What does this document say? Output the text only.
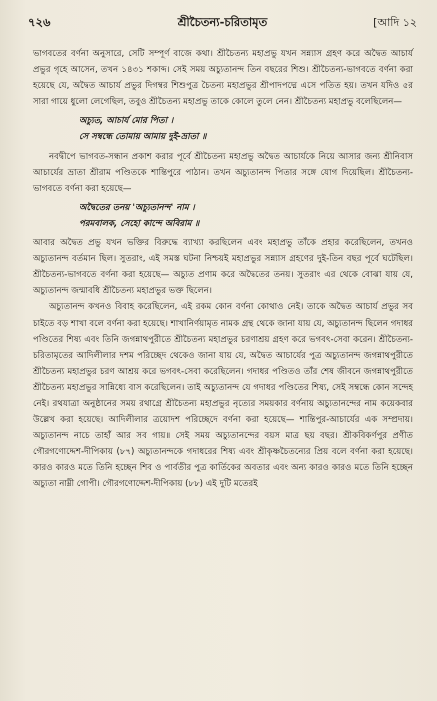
৭২৬	শ্রীচৈতন্য-চরিতামৃত	[আদি ১২

ভাগবতের বর্ণনা অনুসারে, সেটি সম্পূর্ণ বাজে কথা। শ্রীচৈতন্য মহাপ্রভু যখন সন্ন্যাস গ্রহণ করে অদ্বৈত আচার্য প্রভুর গৃহে আসেন, তখন ১৪৩১ শকাব্দ। সেই সময় অচ্যুতানন্দ তিন বছরের শিশু। শ্রীচৈতন্য-ভাগবতে বর্ণনা করা হয়েছে যে, অদ্বৈত আচার্য প্রভুর দিগম্বর শিশুপুত্র চৈতন্য মহাপ্রভুর শ্রীপাদপদ্মে এসে পতিত হয়। তখন যদিও ৫র সারা গায়ে ধুলো লেগেছিল, তবুও শ্রীচৈতন্য মহাপ্রভু তাকে কোলে তুলে নেন। শ্রীচৈতন্য মহাপ্রভু বলেছিলেন—

অচ্যুত, আচার্য মোর পিতা ।
সে সম্বন্ধে তোমায় আমায় দুই-ভ্রাতা ॥

নবদ্বীপে ভাগবত-সন্ধান প্রকাশ করার পূর্বে শ্রীচৈতন্য মহাপ্রভু অদ্বৈত আচার্যকে নিয়ে আসার জন্য শ্রীনিবাস আচার্যের ভ্রাতা শ্রীরাম পণ্ডিতকে শান্তিপুরে পাঠান। তখন অচ্যুতানন্দ পিতার সঙ্গে যোগ দিয়েছিল। শ্রীচৈতন্য-ভাগবতে বর্ণনা করা হয়েছে—

অদ্বৈতের তনয় 'অচ্যুতানন্দ' নাম ।
পরমবালক, সেহো কান্দে অবিরাম ॥

আবার অদ্বৈত প্রভু যখন ভক্তির বিরুদ্ধে ব্যাখ্যা করছিলেন এবং মহাপ্রভু তাঁকে প্রহার করেছিলেন, তখনও অচ্যুতানন্দ বর্তমান ছিল। সুতরাং, এই সমস্ত ঘটনা নিশ্চয়ই মহাপ্রভুর সন্ন্যাস গ্রহণের দুই-তিন বছর পূর্বে ঘটেছিল। শ্রীচৈতন্য-ভাগবতে বর্ণনা করা হয়েছে— অচ্যুত প্রণাম করে অদ্বৈতের তনয়। সুতরাং এর থেকে বোঝা যায় যে, অচ্যুতানন্দ জন্মাবধি শ্রীচৈতন্য মহাপ্রভুর ভক্ত ছিলেন।

অচ্যুতানন্দ কখনও বিবাহ করেছিলেন, এই রকম কোন বর্ণনা কোথাও নেই। তাকে অদ্বৈত আচার্য প্রভুর সব চাইতে বড় শাখা বলে বর্ণনা করা হয়েছে। শাখানির্ণয়ামৃত নামক গ্রন্থ থেকে জানা যায় যে, অচ্যুতানন্দ ছিলেন গদাধর পণ্ডিতের শিষ্য এবং তিনি জগন্নাথপুরীতে শ্রীচৈতন্য মহাপ্রভুর চরণাশ্রয় গ্রহণ করে ভগবৎ-সেবা করেন। শ্রীচৈতন্য-চরিতামৃতের আদিলীলার দশম পরিচ্ছেদ থেকেও জানা যায় যে, অদ্বৈত আচার্যের পুত্র অচ্যুতানন্দ জগন্নাথপুরীতে শ্রীচৈতন্য মহাপ্রভুর চরণ আশ্রয় করে ভগবৎ-সেবা করেছিলেন। গদাধর পণ্ডিতও তাঁর শেষ জীবনে জগন্নাথপুরীতে শ্রীচৈতন্য মহাপ্রভুর সান্নিধ্যে বাস করেছিলেন। তাই অচ্যুতানন্দ যে গদাধর পণ্ডিতের শিষ্য, সেই সম্বন্ধে কোন সন্দেহ নেই। রথযাত্রা অনুষ্ঠানের সময় রথাগ্রে শ্রীচৈতন্য মহাপ্রভুর নৃত্যের সময়কার বর্ণনায় অচ্যুতানন্দের নাম কয়েকবার উল্লেখ করা হয়েছে। আদিলীলার ত্রয়োদশ পরিচ্ছেদে বর্ণনা করা হয়েছে— শান্তিপুর-আচার্যের এক সম্প্রদায়। অচ্যুতানন্দ নাচে তাহাঁ আর সব গায়॥ সেই সময় অচ্যুতানন্দের বয়স মাত্র ছয় বছর। শ্রীকবিকর্ণপুর প্রণীত গৌরগণোদ্দেশ-দীপিকায় (৮৭) অচ্যুতানন্দকে গদাধরের শিষ্য এবং শ্রীকৃষ্ণচৈতন্যের প্রিয় বলে বর্ণনা করা হয়েছে। কারও কারও মতে তিনি হচ্ছেন শিব ও পার্বতীর পুত্র কার্তিকের অবতার এবং অন্য কারও কারও মতে তিনি হচ্ছেন অচ্যুতা নাম্নী গোপী। গৌরগণোদ্দেশ-দীপিকায় (৮৮) এই দুটি মতেরই
